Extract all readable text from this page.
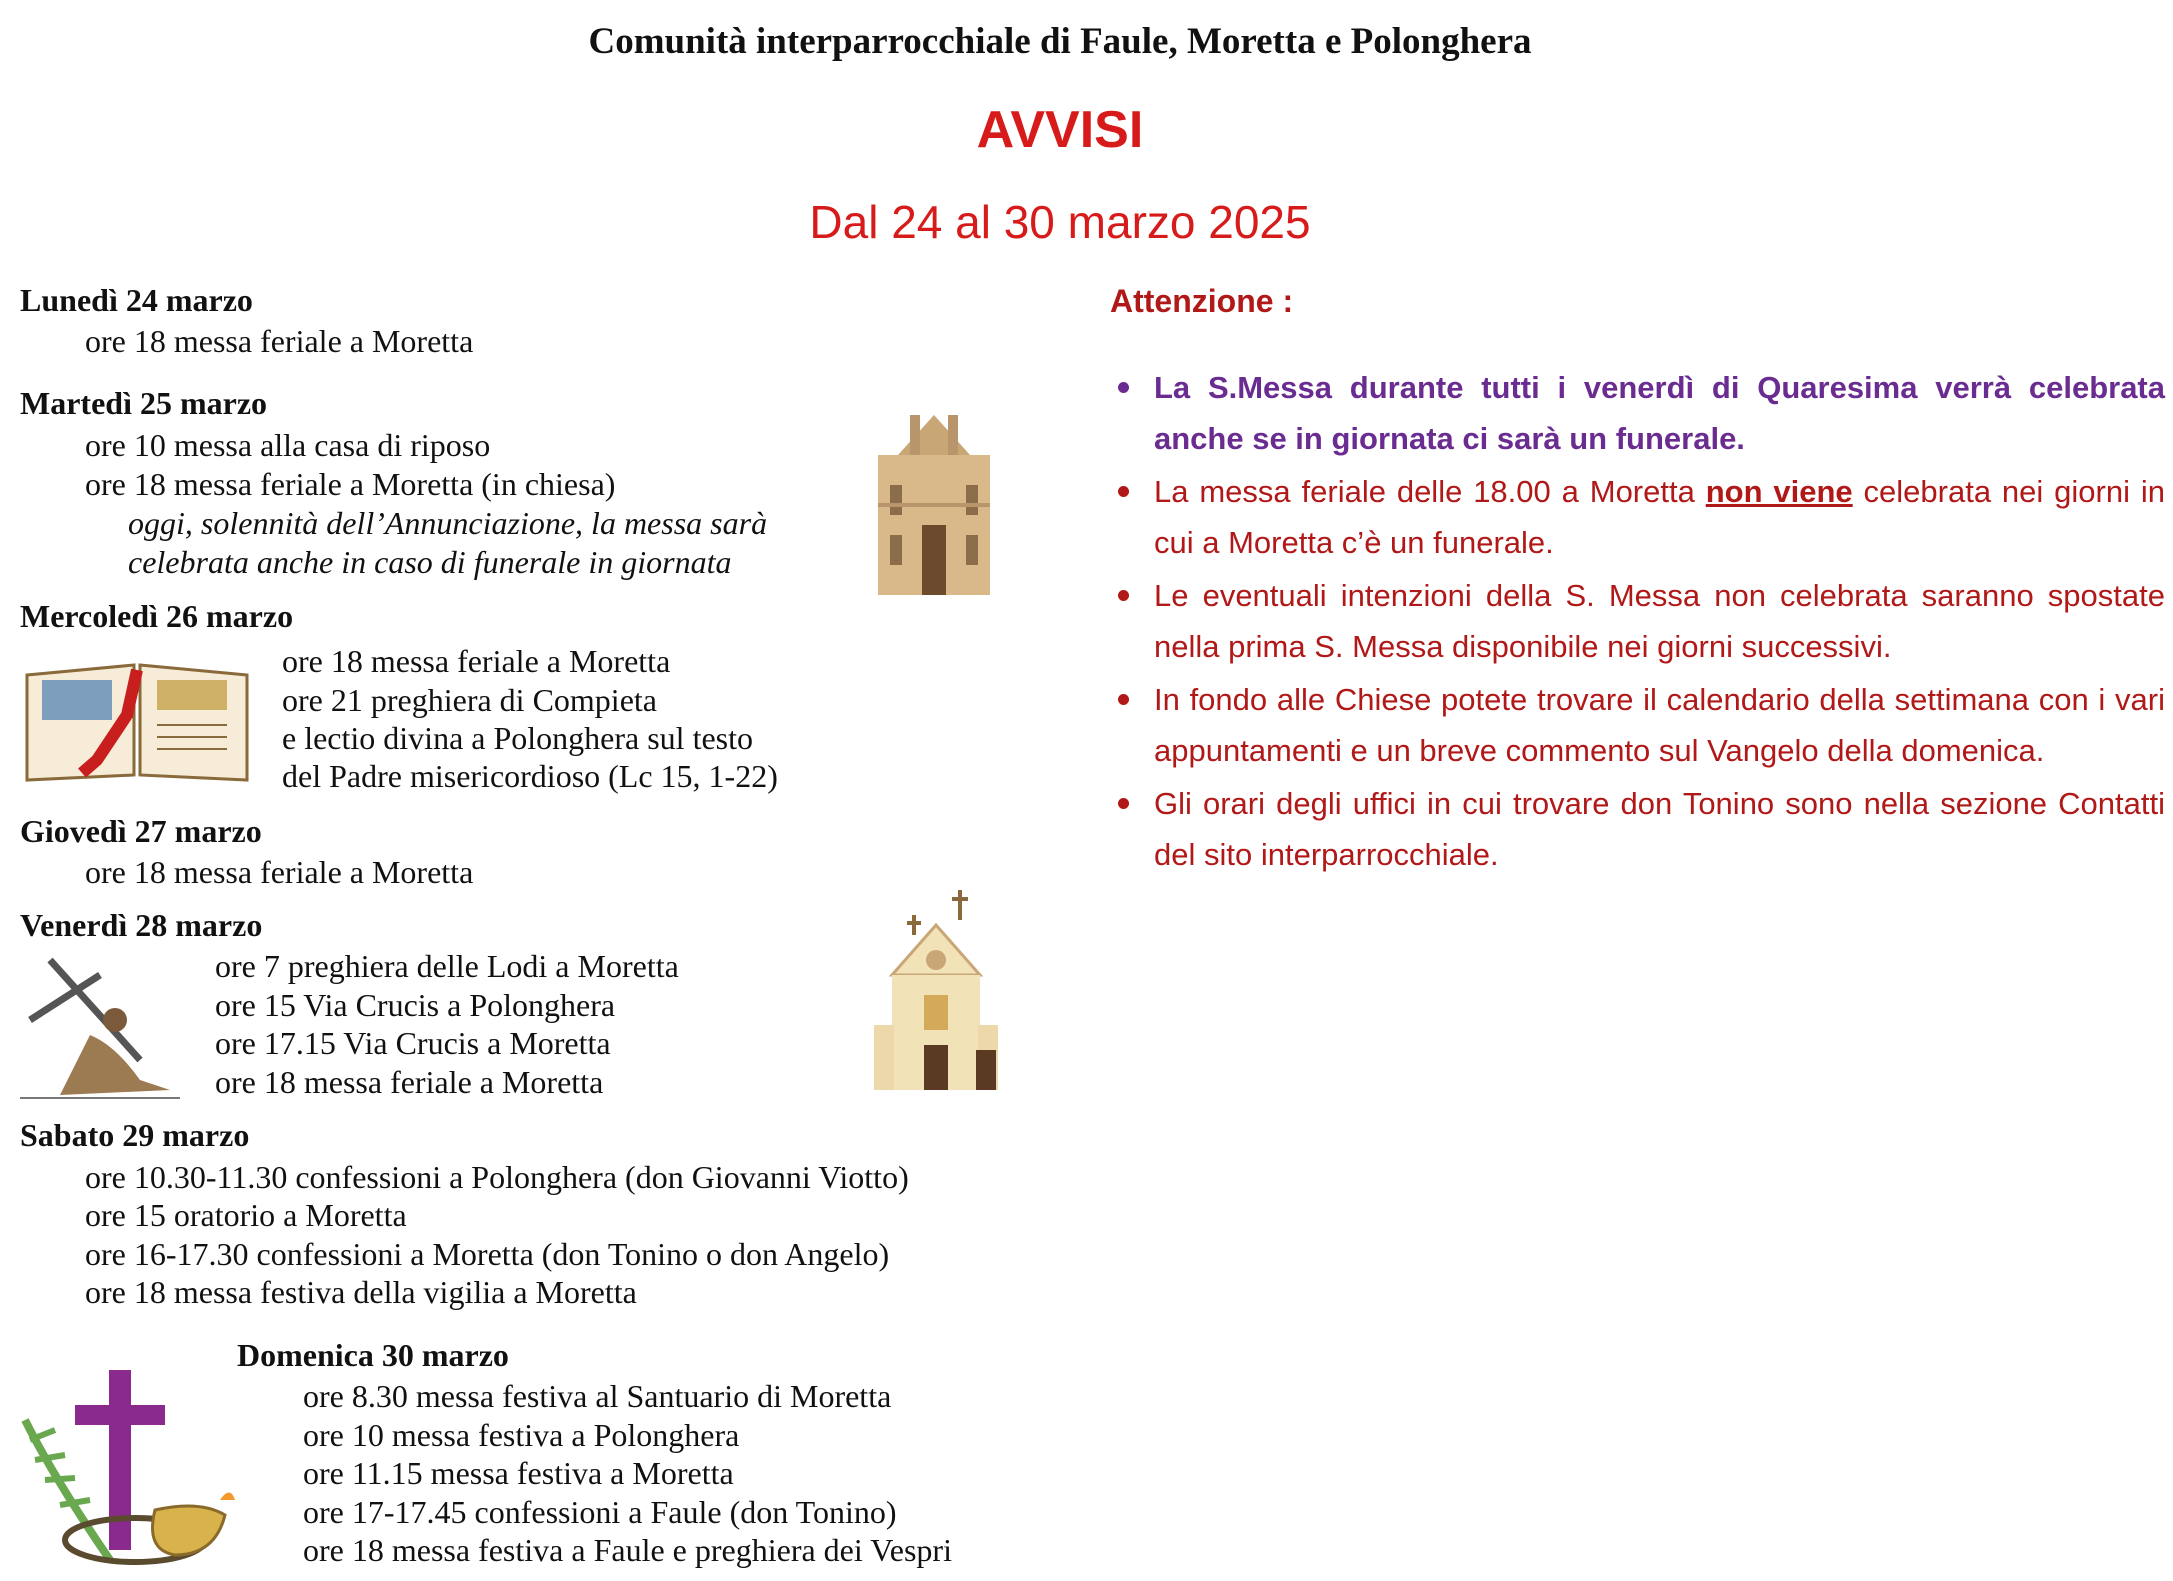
Comunità interparrocchiale di Faule, Moretta e Polonghera
AVVISI
Dal 24 al 30 marzo 2025
Lunedì 24 marzo
ore 18 messa feriale a Moretta
Martedì 25 marzo
ore 10 messa alla casa di riposo
ore 18 messa feriale a Moretta (in chiesa)
oggi, solennità dell’Annunciazione, la messa sarà
celebrata anche in caso di funerale in giornata
Mercoledì 26 marzo
ore 18 messa feriale a Moretta
ore 21 preghiera di Compieta
e lectio divina a Polonghera sul testo
del Padre misericordioso (Lc 15, 1-22)
Giovedì 27 marzo
ore 18 messa feriale a Moretta
Venerdì 28 marzo
ore 7 preghiera delle Lodi a Moretta
ore 15 Via Crucis a Polonghera
ore 17.15 Via Crucis a Moretta
ore 18 messa feriale a Moretta
Sabato 29 marzo
ore 10.30-11.30 confessioni a Polonghera (don Giovanni Viotto)
ore 15 oratorio a Moretta
ore 16-17.30 confessioni a Moretta (don Tonino o don Angelo)
ore 18 messa festiva della vigilia a Moretta
Domenica 30 marzo
ore 8.30 messa festiva al Santuario di Moretta
ore 10 messa festiva a Polonghera
ore 11.15 messa festiva a Moretta
ore 17-17.45 confessioni a Faule (don Tonino)
ore 18 messa festiva a Faule e preghiera dei Vespri
Attenzione :
La S.Messa durante tutti i venerdì di Quaresima verrà celebrata anche se in giornata ci sarà un funerale.
La messa feriale delle 18.00 a Moretta non viene celebrata nei giorni in cui a Moretta c’è un funerale.
Le eventuali intenzioni della S. Messa non celebrata saranno spostate nella prima S. Messa disponibile nei giorni successivi.
In fondo alle Chiese potete trovare il calendario della settimana con i vari appuntamenti e un breve commento sul Vangelo della domenica.
Gli orari degli uffici in cui trovare don Tonino sono nella sezione Contatti del sito interparrocchiale.
